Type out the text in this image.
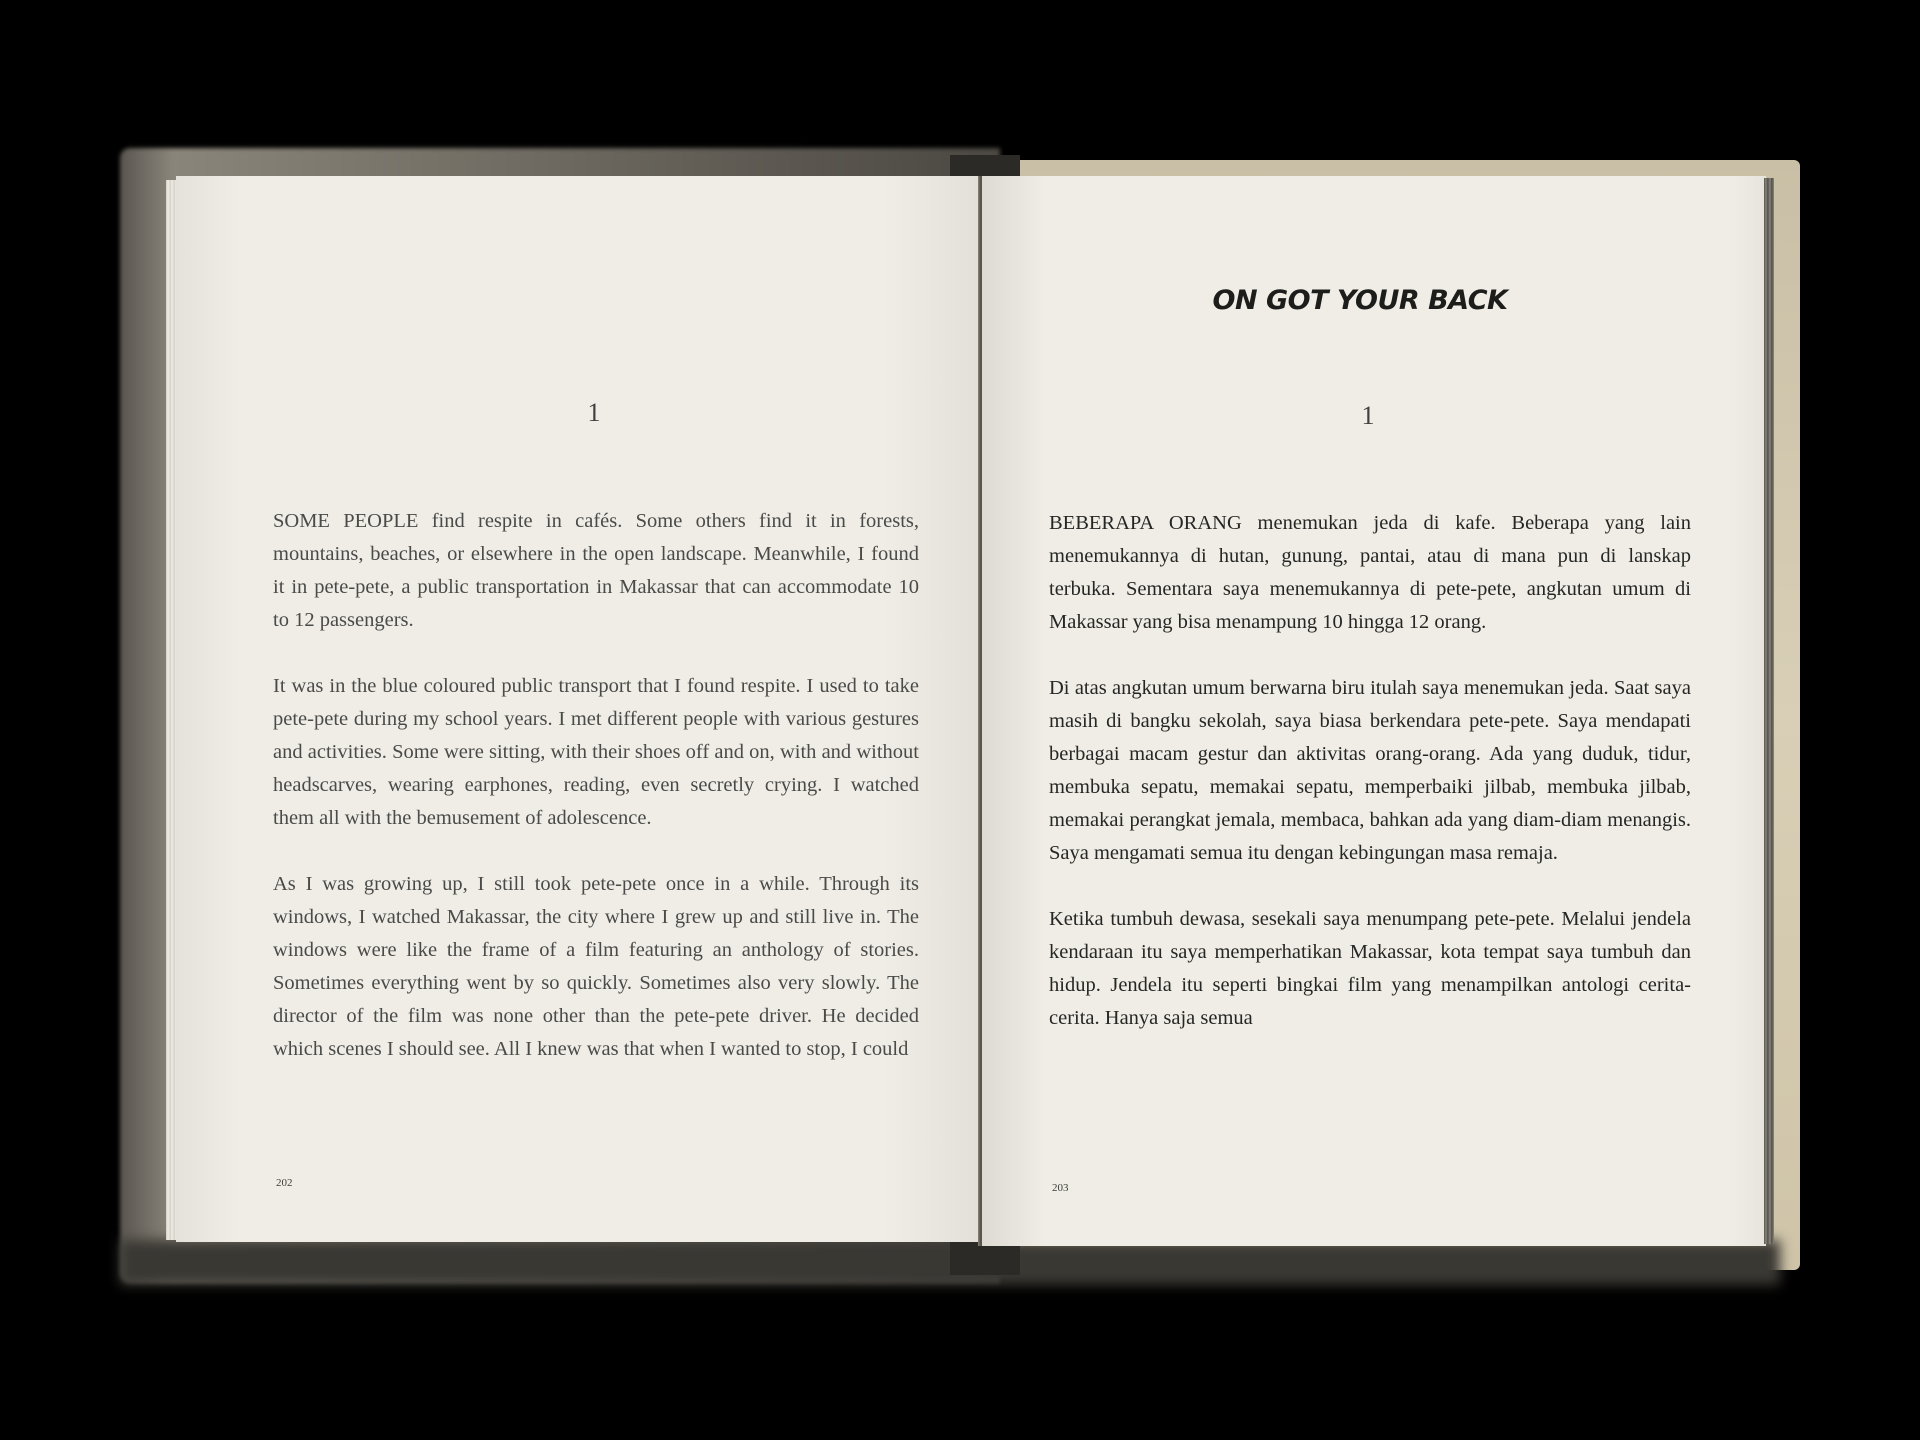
1

SOME PEOPLE find respite in cafés. Some others find it in forests, mountains, beaches, or elsewhere in the open landscape. Meanwhile, I found it in pete-pete, a public transportation in Makassar that can accommodate 10 to 12 passengers.

It was in the blue coloured public transport that I found respite. I used to take pete-pete during my school years. I met different people with various gestures and activities. Some were sitting, with their shoes off and on, with and without headscarves, wearing earphones, reading, even secretly crying. I watched them all with the bemusement of adolescence.

As I was growing up, I still took pete-pete once in a while. Through its windows, I watched Makassar, the city where I grew up and still live in. The windows were like the frame of a film featuring an anthology of stories. Sometimes everything went by so quickly. Sometimes also very slowly. The director of the film was none other than the pete-pete driver. He decided which scenes I should see. All I knew was that when I wanted to stop, I could

202
ON GOT YOUR BACK
1

BEBERAPA ORANG menemukan jeda di kafe. Beberapa yang lain menemukannya di hutan, gunung, pantai, atau di mana pun di lanskap terbuka. Sementara saya menemukannya di pete-pete, angkutan umum di Makassar yang bisa menampung 10 hingga 12 orang.

Di atas angkutan umum berwarna biru itulah saya menemukan jeda. Saat saya masih di bangku sekolah, saya biasa berkendara pete-pete. Saya mendapati berbagai macam gestur dan aktivitas orang-orang. Ada yang duduk, tidur, membuka sepatu, memakai sepatu, memperbaiki jilbab, membuka jilbab, memakai perangkat jemala, membaca, bahkan ada yang diam-diam menangis. Saya mengamati semua itu dengan kebingungan masa remaja.

Ketika tumbuh dewasa, sesekali saya menumpang pete-pete. Melalui jendela kendaraan itu saya memperhatikan Makassar, kota tempat saya tumbuh dan hidup. Jendela itu seperti bingkai film yang menampilkan antologi cerita-cerita. Hanya saja semua

203
